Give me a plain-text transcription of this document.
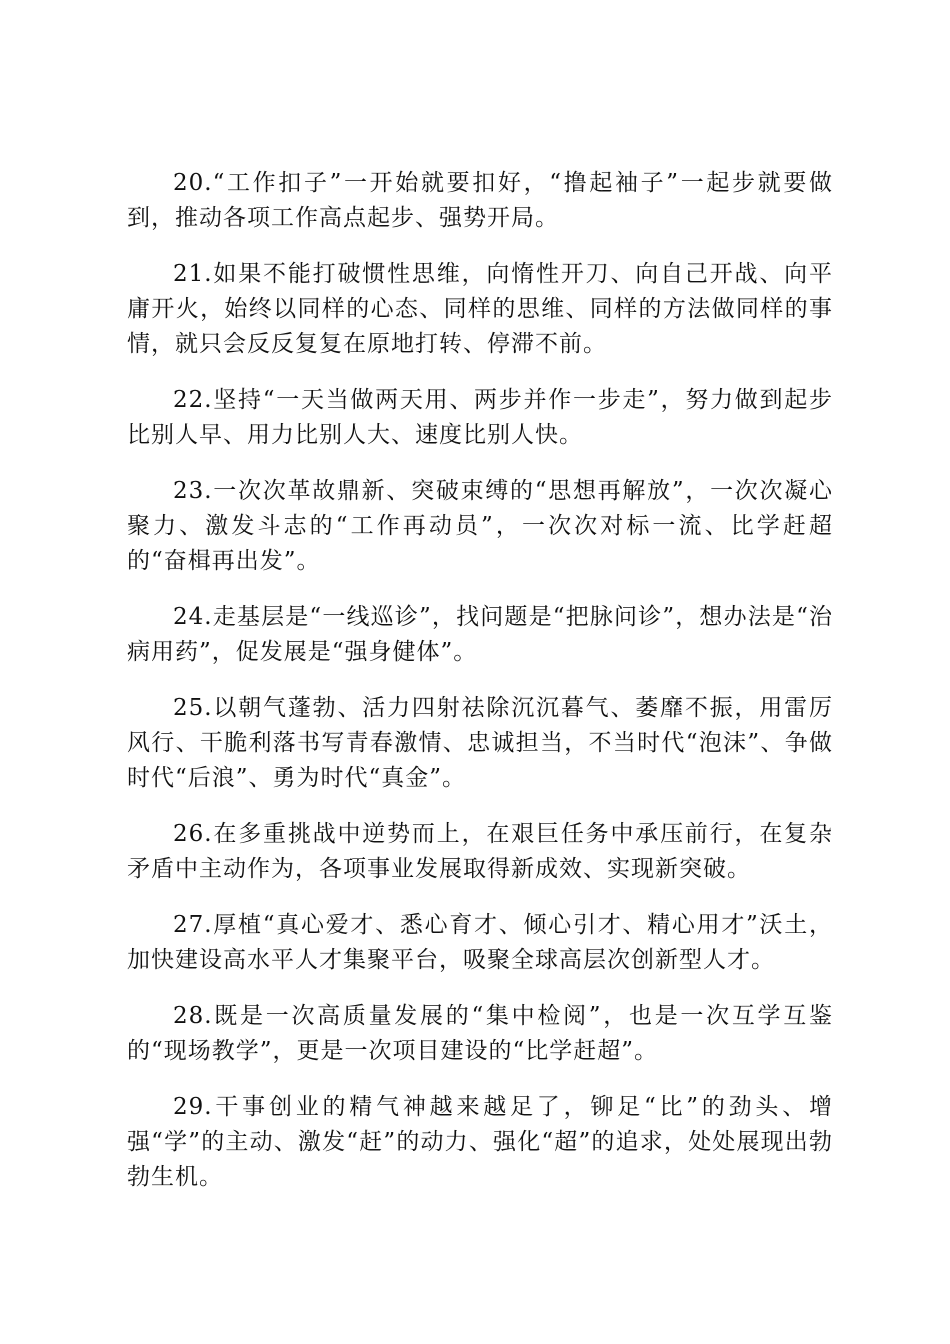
20.“工作扣子”一开始就要扣好，“撸起袖子”一起步就要做到，推动各项工作高点起步、强势开局。

21.如果不能打破惯性思维，向惰性开刀、向自己开战、向平庸开火，始终以同样的心态、同样的思维、同样的方法做同样的事情，就只会反反复复在原地打转、停滞不前。

22.坚持“一天当做两天用、两步并作一步走”，努力做到起步比别人早、用力比别人大、速度比别人快。

23.一次次革故鼎新、突破束缚的“思想再解放”，一次次凝心聚力、激发斗志的“工作再动员”，一次次对标一流、比学赶超的“奋楫再出发”。

24.走基层是“一线巡诊”，找问题是“把脉问诊”，想办法是“治病用药”，促发展是“强身健体”。

25.以朝气蓬勃、活力四射祛除沉沉暮气、萎靡不振，用雷厉风行、干脆利落书写青春激情、忠诚担当，不当时代“泡沫”、争做时代“后浪”、勇为时代“真金”。

26.在多重挑战中逆势而上，在艰巨任务中承压前行，在复杂矛盾中主动作为，各项事业发展取得新成效、实现新突破。

27.厚植“真心爱才、悉心育才、倾心引才、精心用才”沃土，加快建设高水平人才集聚平台，吸聚全球高层次创新型人才。

28.既是一次高质量发展的“集中检阅”，也是一次互学互鉴的“现场教学”，更是一次项目建设的“比学赶超”。

29.干事创业的精气神越来越足了，铆足“比”的劲头、增强“学”的主动、激发“赶”的动力、强化“超”的追求，处处展现出勃勃生机。
